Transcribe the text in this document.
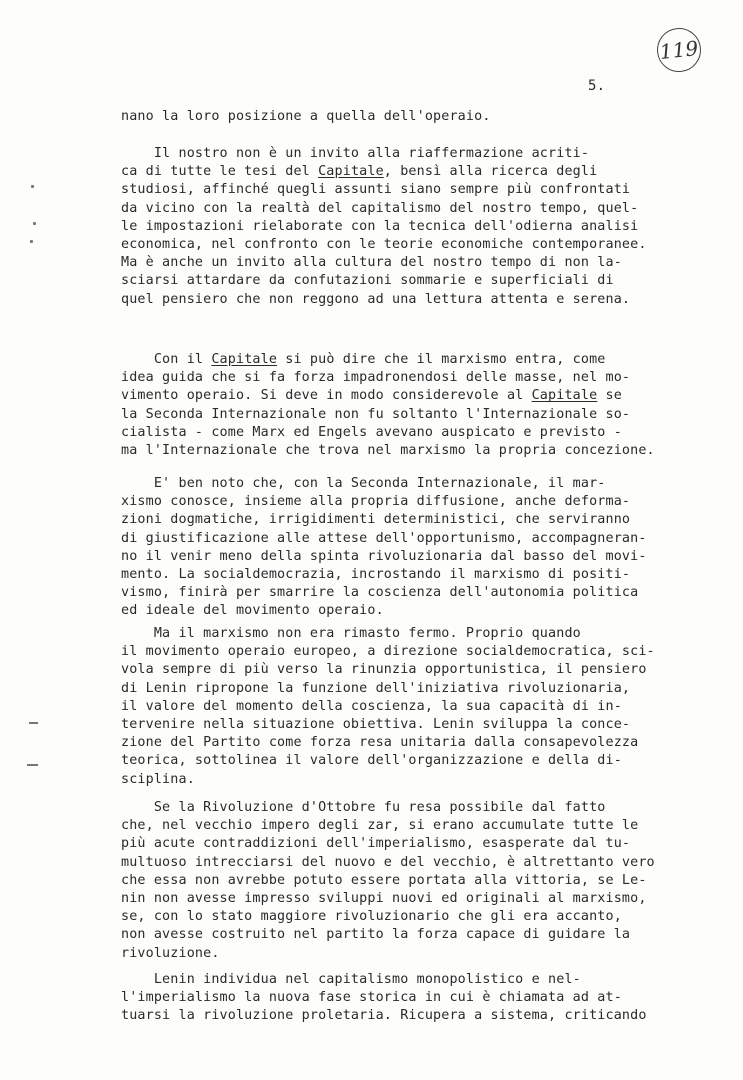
119
5.
nano la loro posizione a quella dell'operaio.
Il nostro non è un invito alla riaffermazione acriti-
ca di tutte le tesi del Capitale, bensì alla ricerca degli
studiosi, affinché quegli assunti siano sempre più confrontati
da vicino con la realtà del capitalismo del nostro tempo, quel-
le impostazioni rielaborate con la tecnica dell'odierna analisi
economica, nel confronto con le teorie economiche contemporanee.
Ma è anche un invito alla cultura del nostro tempo di non la-
sciarsi attardare da confutazioni sommarie e superficiali di
quel pensiero che non reggono ad una lettura attenta e serena.
Con il Capitale si può dire che il marxismo entra, come
idea guida che si fa forza impadronendosi delle masse, nel mo-
vimento operaio. Si deve in modo considerevole al Capitale se
la Seconda Internazionale non fu soltanto l'Internazionale so-
cialista - come Marx ed Engels avevano auspicato e previsto -
ma l'Internazionale che trova nel marxismo la propria concezione.
E' ben noto che, con la Seconda Internazionale, il mar-
xismo conosce, insieme alla propria diffusione, anche deforma-
zioni dogmatiche, irrigidimenti deterministici, che serviranno
di giustificazione alle attese dell'opportunismo, accompagneran-
no il venir meno della spinta rivoluzionaria dal basso del movi-
mento. La socialdemocrazia, incrostando il marxismo di positi-
vismo, finirà per smarrire la coscienza dell'autonomia politica
ed ideale del movimento operaio.
Ma il marxismo non era rimasto fermo. Proprio quando
il movimento operaio europeo, a direzione socialdemocratica, sci-
vola sempre di più verso la rinunzia opportunistica, il pensiero
di Lenin ripropone la funzione dell'iniziativa rivoluzionaria,
il valore del momento della coscienza, la sua capacità di in-
tervenire nella situazione obiettiva. Lenin sviluppa la conce-
zione del Partito come forza resa unitaria dalla consapevolezza
teorica, sottolinea il valore dell'organizzazione e della di-
sciplina.
Se la Rivoluzione d'Ottobre fu resa possibile dal fatto
che, nel vecchio impero degli zar, si erano accumulate tutte le
più acute contraddizioni dell'imperialismo, esasperate dal tu-
multuoso intrecciarsi del nuovo e del vecchio, è altrettanto vero
che essa non avrebbe potuto essere portata alla vittoria, se Le-
nin non avesse impresso sviluppi nuovi ed originali al marxismo,
se, con lo stato maggiore rivoluzionario che gli era accanto,
non avesse costruito nel partito la forza capace di guidare la
rivoluzione.
Lenin individua nel capitalismo monopolistico e nel-
l'imperialismo la nuova fase storica in cui è chiamata ad at-
tuarsi la rivoluzione proletaria. Ricupera a sistema, criticando
